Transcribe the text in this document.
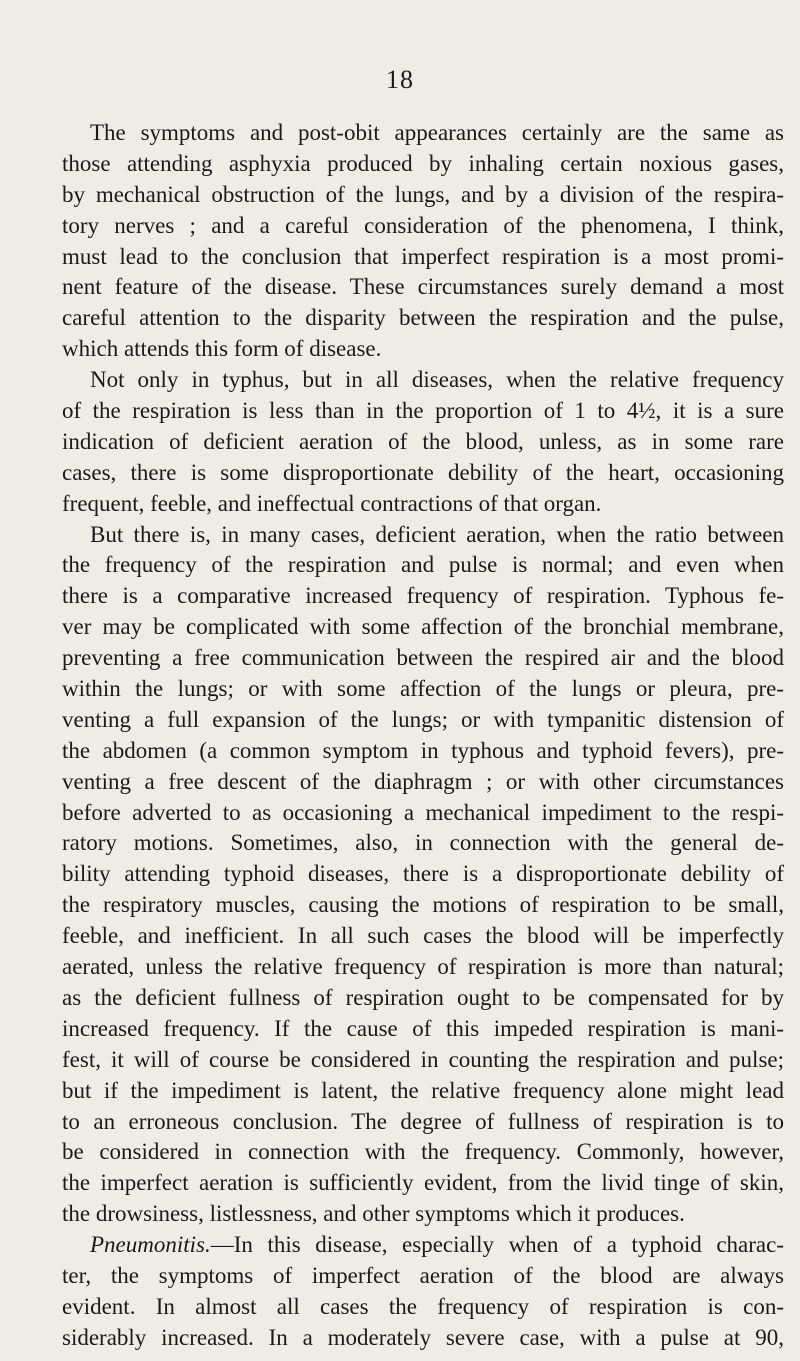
18
The symptoms and post-obit appearances certainly are the same as
those attending asphyxia produced by inhaling certain noxious gases,
by mechanical obstruction of the lungs, and by a division of the respira-
tory nerves ; and a careful consideration of the phenomena, I think,
must lead to the conclusion that imperfect respiration is a most promi-
nent feature of the disease. These circumstances surely demand a most
careful attention to the disparity between the respiration and the pulse,
which attends this form of disease.
Not only in typhus, but in all diseases, when the relative frequency
of the respiration is less than in the proportion of 1 to 4½, it is a sure
indication of deficient aeration of the blood, unless, as in some rare
cases, there is some disproportionate debility of the heart, occasioning
frequent, feeble, and ineffectual contractions of that organ.
But there is, in many cases, deficient aeration, when the ratio between
the frequency of the respiration and pulse is normal; and even when
there is a comparative increased frequency of respiration. Typhous fe-
ver may be complicated with some affection of the bronchial membrane,
preventing a free communication between the respired air and the blood
within the lungs; or with some affection of the lungs or pleura, pre-
venting a full expansion of the lungs; or with tympanitic distension of
the abdomen (a common symptom in typhous and typhoid fevers), pre-
venting a free descent of the diaphragm ; or with other circumstances
before adverted to as occasioning a mechanical impediment to the respi-
ratory motions. Sometimes, also, in connection with the general de-
bility attending typhoid diseases, there is a disproportionate debility of
the respiratory muscles, causing the motions of respiration to be small,
feeble, and inefficient. In all such cases the blood will be imperfectly
aerated, unless the relative frequency of respiration is more than natural;
as the deficient fullness of respiration ought to be compensated for by
increased frequency. If the cause of this impeded respiration is mani-
fest, it will of course be considered in counting the respiration and pulse;
but if the impediment is latent, the relative frequency alone might lead
to an erroneous conclusion. The degree of fullness of respiration is to
be considered in connection with the frequency. Commonly, however,
the imperfect aeration is sufficiently evident, from the livid tinge of skin,
the drowsiness, listlessness, and other symptoms which it produces.
Pneumonitis.—In this disease, especially when of a typhoid charac-
ter, the symptoms of imperfect aeration of the blood are always
evident. In almost all cases the frequency of respiration is con-
siderably increased. In a moderately severe case, with a pulse at 90,
